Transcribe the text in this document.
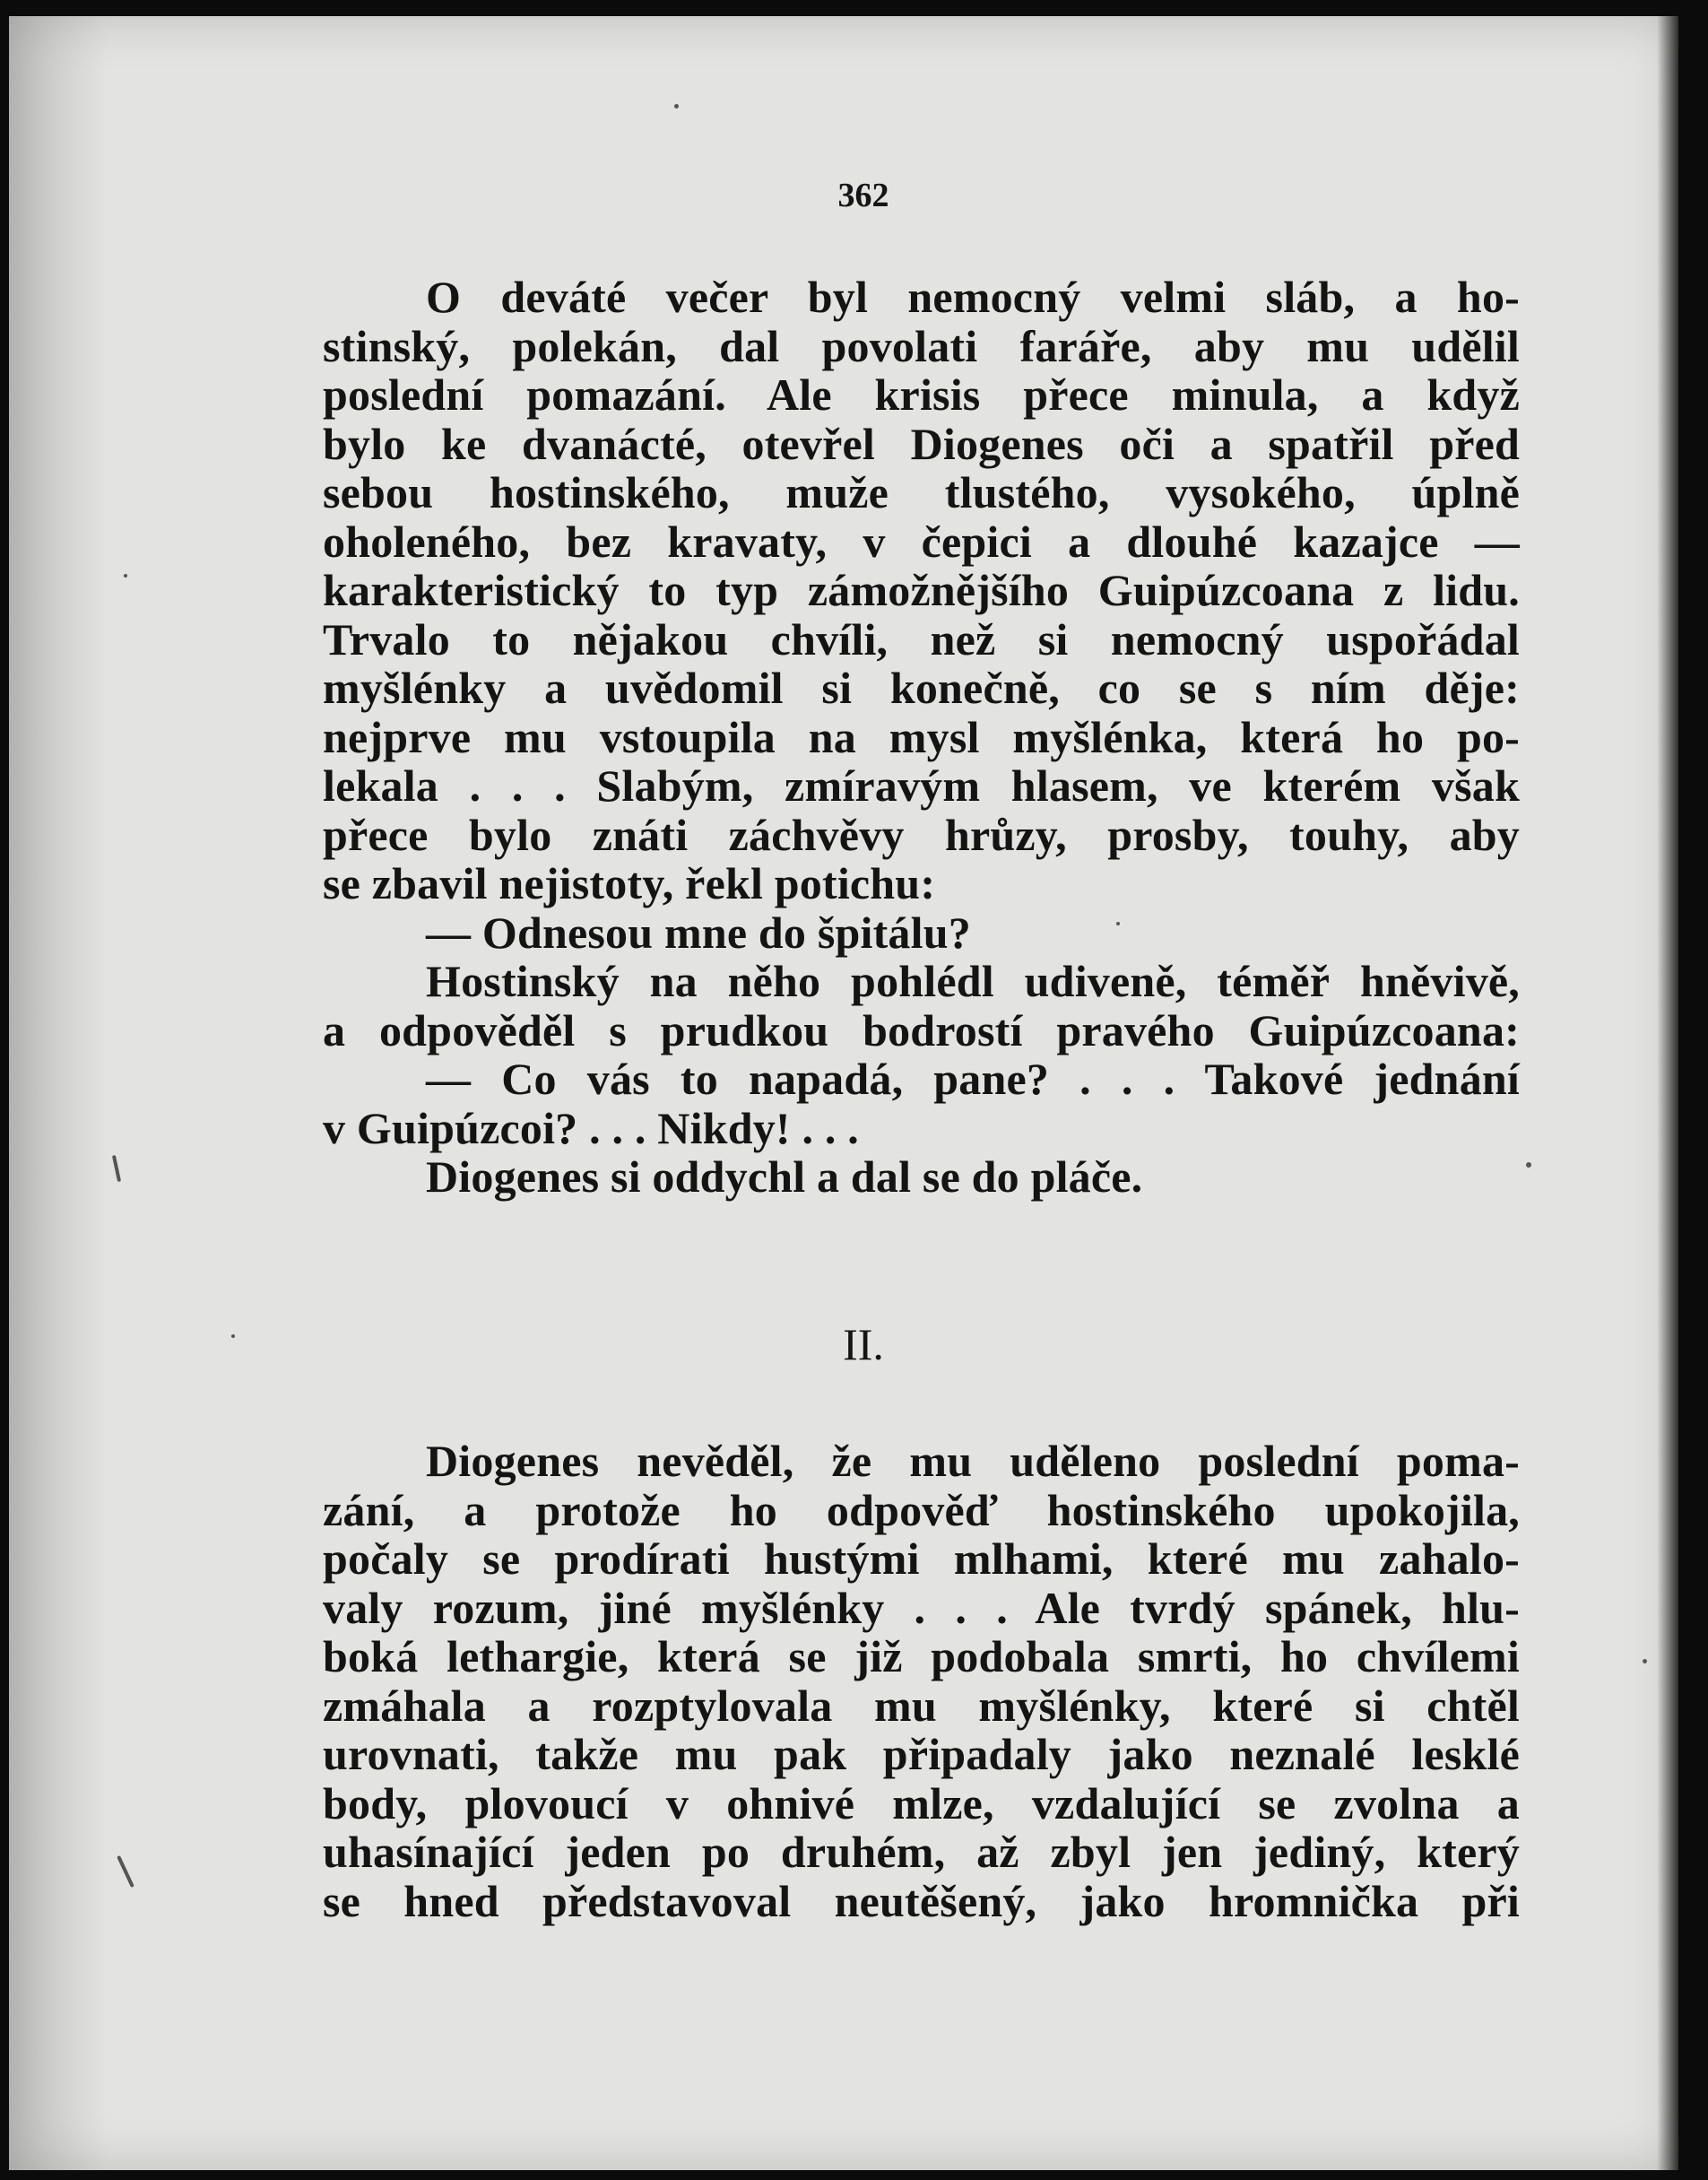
362
O deváté večer byl nemocný velmi sláb, a ho-
stinský, polekán, dal povolati faráře, aby mu udělil
poslední pomazání. Ale krisis přece minula, a když
bylo ke dvanácté, otevřel Diogenes oči a spatřil před
sebou hostinského, muže tlustého, vysokého, úplně
oholeného, bez kravaty, v čepici a dlouhé kazajce —
karakteristický to typ zámožnějšího Guipúzcoana z lidu.
Trvalo to nějakou chvíli, než si nemocný uspořádal
myšlénky a uvědomil si konečně, co se s ním děje:
nejprve mu vstoupila na mysl myšlénka, která ho po-
lekala . . . Slabým, zmíravým hlasem, ve kterém však
přece bylo znáti záchvěvy hrůzy, prosby, touhy, aby
se zbavil nejistoty, řekl potichu:
— Odnesou mne do špitálu?
Hostinský na něho pohlédl udiveně, téměř hněvivě,
a odpověděl s prudkou bodrostí pravého Guipúzcoana:
— Co vás to napadá, pane? . . . Takové jednání
v Guipúzcoi? . . . Nikdy! . . .
Diogenes si oddychl a dal se do pláče.
II.
Diogenes nevěděl, že mu uděleno poslední poma-
zání, a protože ho odpověď hostinského upokojila,
počaly se prodírati hustými mlhami, které mu zahalo-
valy rozum, jiné myšlénky . . . Ale tvrdý spánek, hlu-
boká lethargie, která se již podobala smrti, ho chvílemi
zmáhala a rozptylovala mu myšlénky, které si chtěl
urovnati, takže mu pak připadaly jako neznalé lesklé
body, plovoucí v ohnivé mlze, vzdalující se zvolna a
uhasínající jeden po druhém, až zbyl jen jediný, který
se hned představoval neutěšený, jako hromnička při
